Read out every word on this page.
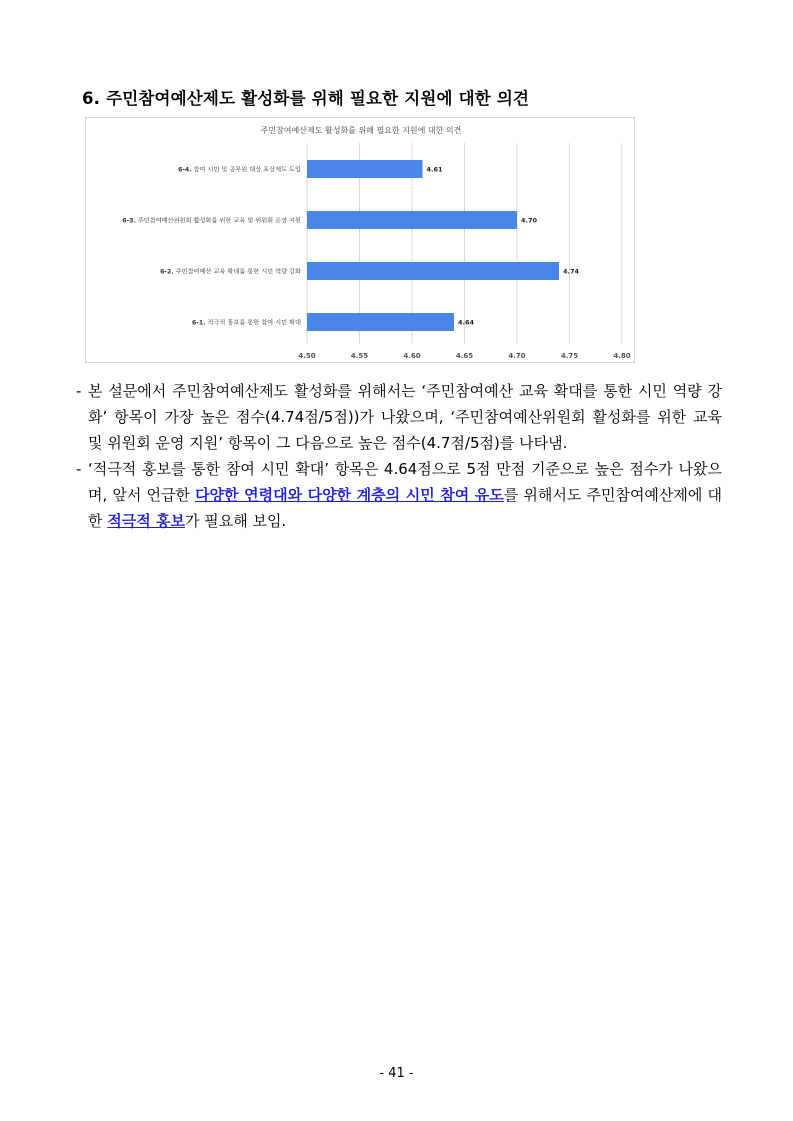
6. 주민참여예산제도 활성화를 위해 필요한 지원에 대한 의견
주민참여예산제도 활성화를 위해 필요한 지원에 대한 의견
4.50	4.55	4.60	4.65	4.70	4.75	4.80
6-4. 참여 시민 및 공무원 대상 포상제도 도입	4.61
6-3. 주민참여예산위원회 활성화를 위한 교육 및 위원회 운영 지원	4.70
6-2. 주민참여예산 교육 확대를 통한 시민 역량 강화	4.74
6-1. 적극적 홍보를 통한 참여 시민 확대	4.64
- 본 설문에서 주민참여예산제도 활성화를 위해서는 ‘주민참여예산 교육 확대를 통한 시민 역량 강화’ 항목이 가장 높은 점수(4.74점/5점))가 나왔으며, ‘주민참여예산위원회 활성화를 위한 교육 및 위원회 운영 지원’ 항목이 그 다음으로 높은 점수(4.7점/5점)를 나타냄.
- ‘적극적 홍보를 통한 참여 시민 확대’ 항목은 4.64점으로 5점 만점 기준으로 높은 점수가 나왔으며, 앞서 언급한 다양한 연령대와 다양한 계층의 시민 참여 유도를 위해서도 주민참여예산제에 대한 적극적 홍보가 필요해 보임.
- 41 -
